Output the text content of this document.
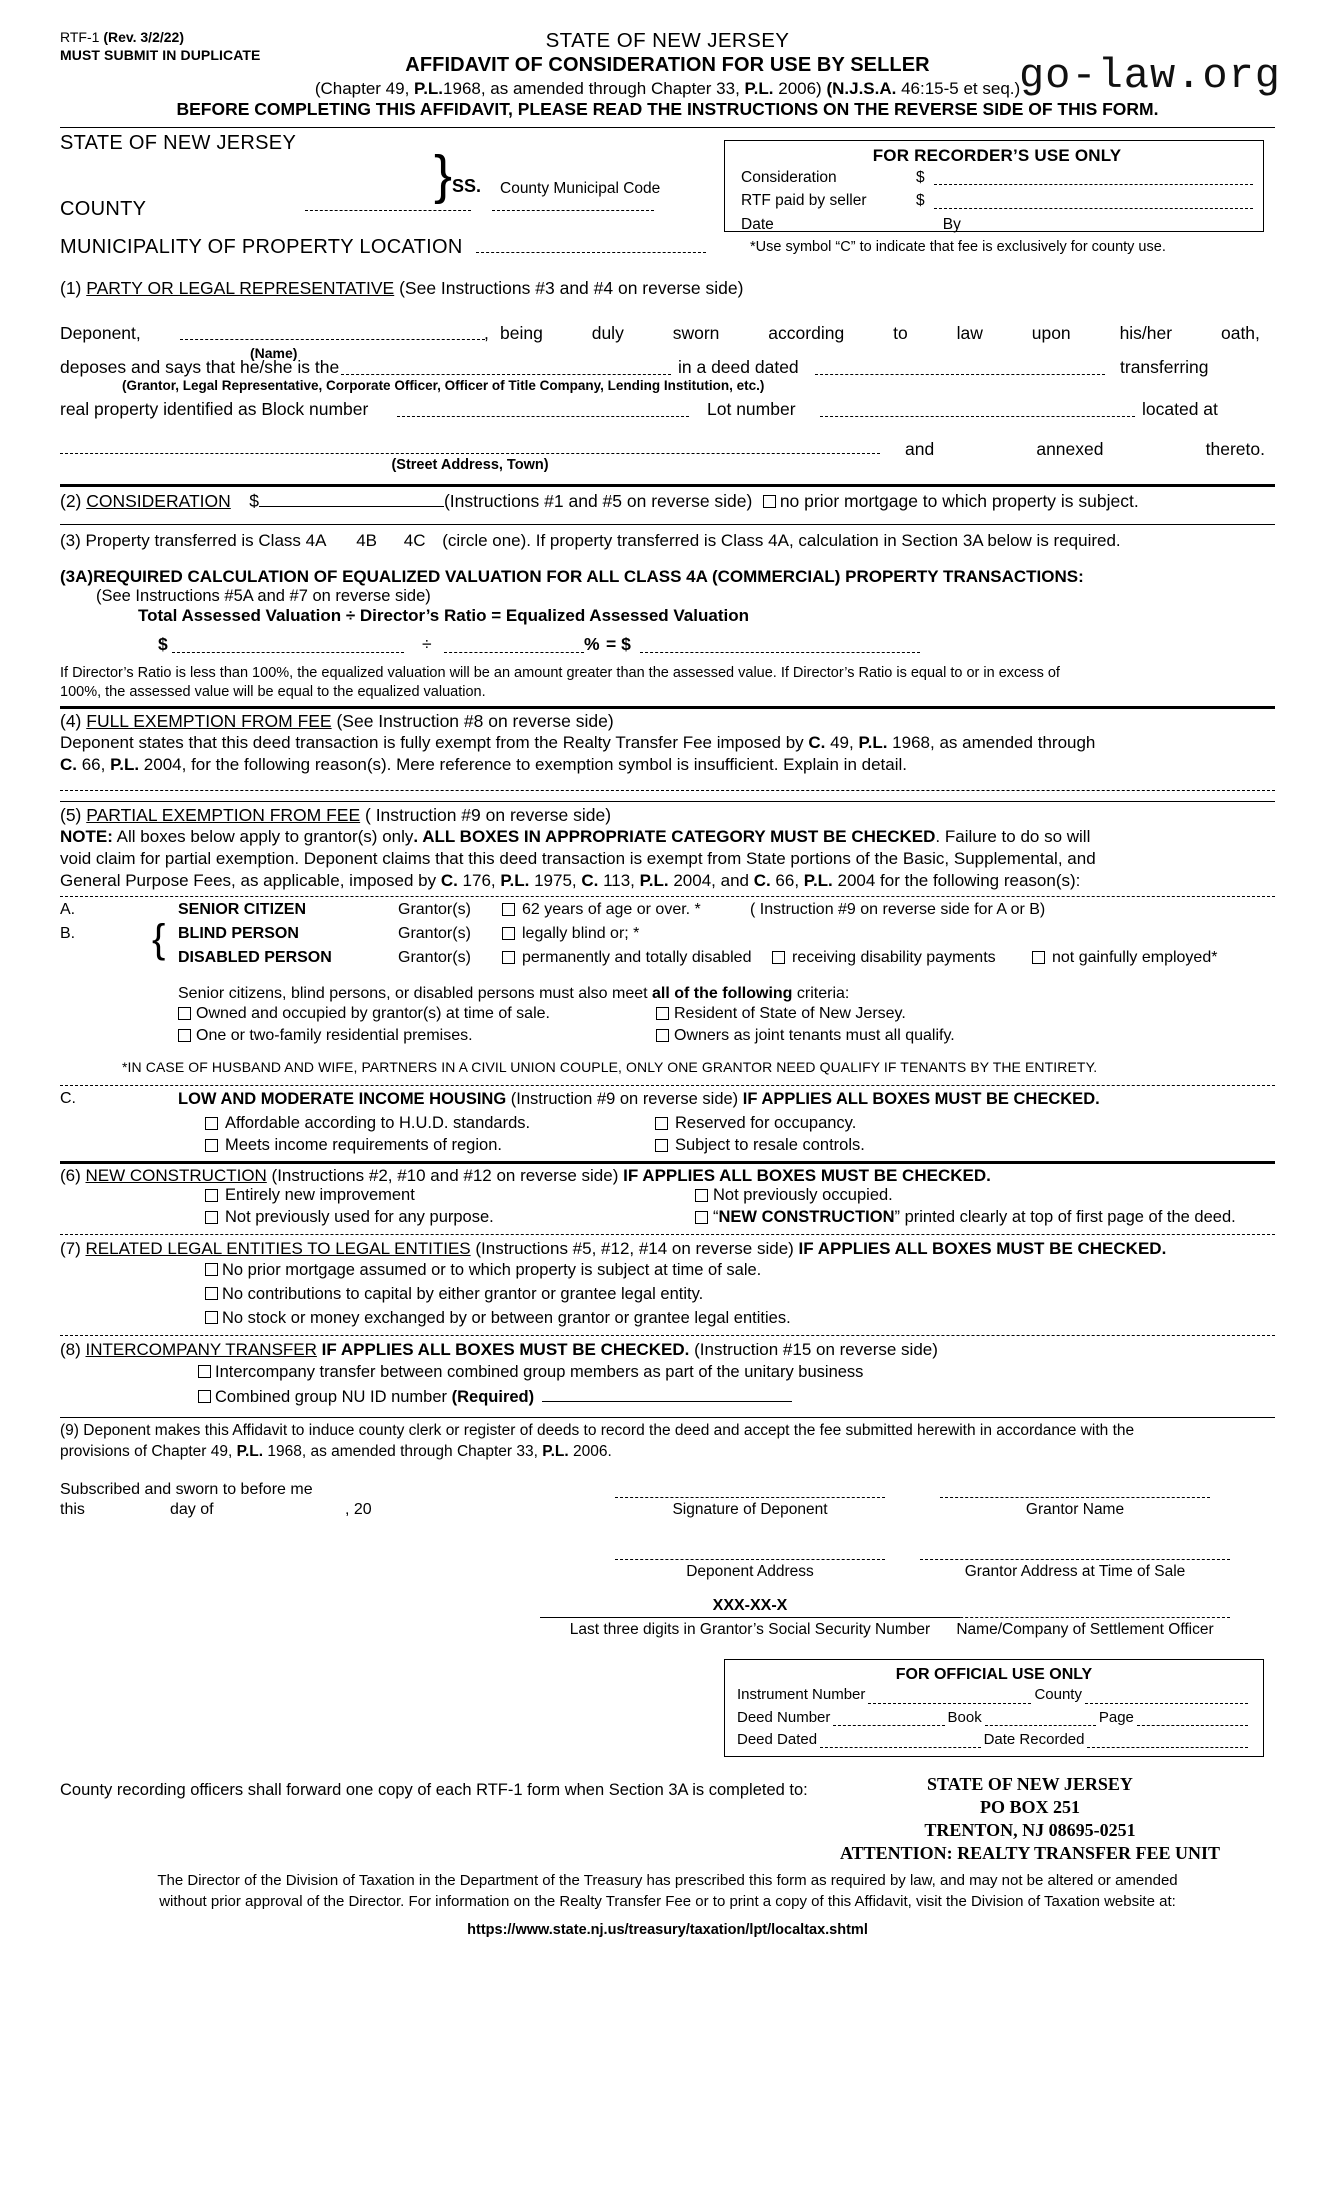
RTF-1 (Rev. 3/2/22)
MUST SUBMIT IN DUPLICATE
STATE OF NEW JERSEY
AFFIDAVIT OF CONSIDERATION FOR USE BY SELLER
(Chapter 49, P.L.1968, as amended through Chapter 33, P.L. 2006) (N.J.S.A. 46:15-5 et seq.)
BEFORE COMPLETING THIS AFFIDAVIT, PLEASE READ THE INSTRUCTIONS ON THE REVERSE SIDE OF THIS FORM.
go-law.org
STATE OF NEW JERSEY
COUNTY
} SS. County Municipal Code
FOR RECORDER’S USE ONLY
Consideration	$
RTF paid by seller	$
Date	By
MUNICIPALITY OF PROPERTY LOCATION	*Use symbol “C” to indicate that fee is exclusively for county use.
(1) PARTY OR LEGAL REPRESENTATIVE (See Instructions #3 and #4 on reverse side)
Deponent,	, being	duly	sworn	according	to	law	upon	his/her	oath,
(Name)
deposes and says that he/she is the	in a deed dated	transferring
(Grantor, Legal Representative, Corporate Officer, Officer of Title Company, Lending Institution, etc.)
real property identified as Block number	Lot number	located at
and	annexed	thereto.
(Street Address, Town)
(2) CONSIDERATION $	(Instructions #1 and #5 on reverse side) no prior mortgage to which property is subject.
(3) Property transferred is Class 4A 4B 4C (circle one). If property transferred is Class 4A, calculation in Section 3A below is required.
(3A)REQUIRED CALCULATION OF EQUALIZED VALUATION FOR ALL CLASS 4A (COMMERCIAL) PROPERTY TRANSACTIONS:
(See Instructions #5A and #7 on reverse side)
Total Assessed Valuation ÷ Director’s Ratio = Equalized Assessed Valuation
$	÷	% = $
If Director’s Ratio is less than 100%, the equalized valuation will be an amount greater than the assessed value. If Director’s Ratio is equal to or in excess of
100%, the assessed value will be equal to the equalized valuation.
(4) FULL EXEMPTION FROM FEE (See Instruction #8 on reverse side)
Deponent states that this deed transaction is fully exempt from the Realty Transfer Fee imposed by C. 49, P.L. 1968, as amended through
C. 66, P.L. 2004, for the following reason(s). Mere reference to exemption symbol is insufficient. Explain in detail.
(5) PARTIAL EXEMPTION FROM FEE ( Instruction #9 on reverse side)
NOTE: All boxes below apply to grantor(s) only. ALL BOXES IN APPROPRIATE CATEGORY MUST BE CHECKED. Failure to do so will
void claim for partial exemption. Deponent claims that this deed transaction is exempt from State portions of the Basic, Supplemental, and
General Purpose Fees, as applicable, imposed by C. 176, P.L. 1975, C. 113, P.L. 2004, and C. 66, P.L. 2004 for the following reason(s):
A.	SENIOR CITIZEN	Grantor(s)	62 years of age or over. *	( Instruction #9 on reverse side for A or B)
B. { BLIND PERSON	Grantor(s)	legally blind or; *
DISABLED PERSON	Grantor(s)	permanently and totally disabled	receiving disability payments	not gainfully employed*
Senior citizens, blind persons, or disabled persons must also meet all of the following criteria:
Owned and occupied by grantor(s) at time of sale.	Resident of State of New Jersey.
One or two-family residential premises.	Owners as joint tenants must all qualify.
*IN CASE OF HUSBAND AND WIFE, PARTNERS IN A CIVIL UNION COUPLE, ONLY ONE GRANTOR NEED QUALIFY IF TENANTS BY THE ENTIRETY.
C.	LOW AND MODERATE INCOME HOUSING (Instruction #9 on reverse side) IF APPLIES ALL BOXES MUST BE CHECKED.
Affordable according to H.U.D. standards.	Reserved for occupancy.
Meets income requirements of region.	Subject to resale controls.
(6) NEW CONSTRUCTION (Instructions #2, #10 and #12 on reverse side) IF APPLIES ALL BOXES MUST BE CHECKED.
Entirely new improvement	Not previously occupied.
Not previously used for any purpose.	“NEW CONSTRUCTION” printed clearly at top of first page of the deed.
(7) RELATED LEGAL ENTITIES TO LEGAL ENTITIES (Instructions #5, #12, #14 on reverse side) IF APPLIES ALL BOXES MUST BE CHECKED.
No prior mortgage assumed or to which property is subject at time of sale.
No contributions to capital by either grantor or grantee legal entity.
No stock or money exchanged by or between grantor or grantee legal entities.
(8) INTERCOMPANY TRANSFER IF APPLIES ALL BOXES MUST BE CHECKED. (Instruction #15 on reverse side)
Intercompany transfer between combined group members as part of the unitary business
Combined group NU ID number (Required)
(9) Deponent makes this Affidavit to induce county clerk or register of deeds to record the deed and accept the fee submitted herewith in accordance with the
provisions of Chapter 49, P.L. 1968, as amended through Chapter 33, P.L. 2006.
Subscribed and sworn to before me
this	day of	, 20	Signature of Deponent	Grantor Name
Deponent Address	Grantor Address at Time of Sale
XXX-XX-X
Last three digits in Grantor’s Social Security Number	Name/Company of Settlement Officer
FOR OFFICIAL USE ONLY
Instrument Number	County
Deed Number	Book	Page
Deed Dated	Date Recorded
County recording officers shall forward one copy of each RTF-1 form when Section 3A is completed to:	STATE OF NEW JERSEY
PO BOX 251
TRENTON, NJ 08695-0251
ATTENTION: REALTY TRANSFER FEE UNIT
The Director of the Division of Taxation in the Department of the Treasury has prescribed this form as required by law, and may not be altered or amended
without prior approval of the Director. For information on the Realty Transfer Fee or to print a copy of this Affidavit, visit the Division of Taxation website at:
https://www.state.nj.us/treasury/taxation/lpt/localtax.shtml
